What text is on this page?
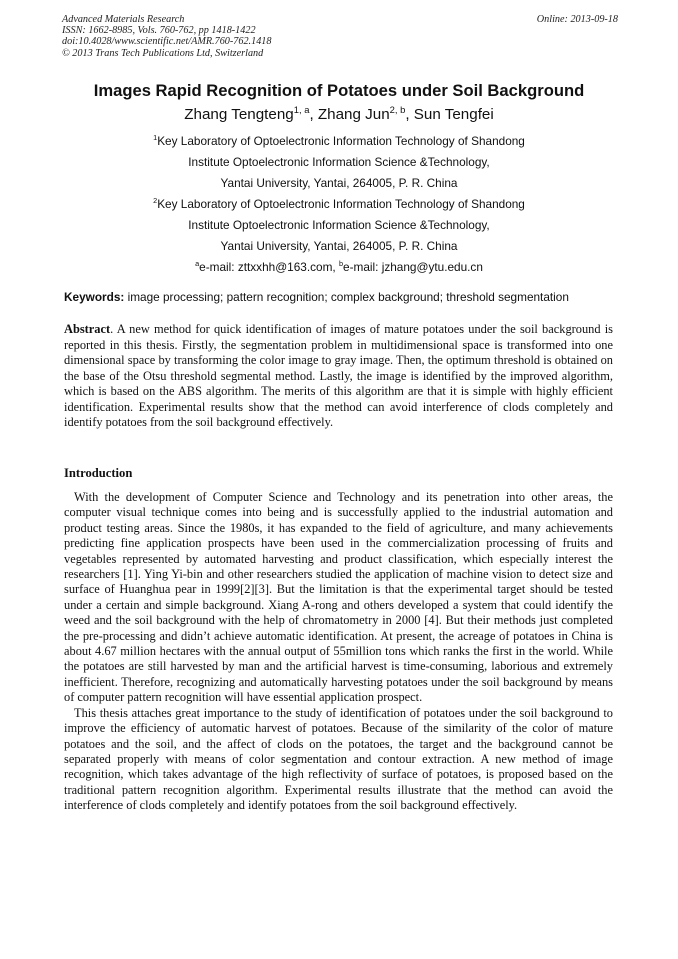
Advanced Materials Research
ISSN: 1662-8985, Vols. 760-762, pp 1418-1422
doi:10.4028/www.scientific.net/AMR.760-762.1418
© 2013 Trans Tech Publications Ltd, Switzerland
Online: 2013-09-18
Images Rapid Recognition of Potatoes under Soil Background
Zhang Tengteng$^{1, a}$, Zhang Jun$^{2, b}$, Sun Tengfei
$^1$Key Laboratory of Optoelectronic Information Technology of Shandong
Institute Optoelectronic Information Science &Technology,
Yantai University, Yantai, 264005, P. R. China
$^2$Key Laboratory of Optoelectronic Information Technology of Shandong
Institute Optoelectronic Information Science &Technology,
Yantai University, Yantai, 264005, P. R. China
$^a$e-mail: zttxxhh@163.com, $^b$e-mail: jzhang@ytu.edu.cn
Keywords: image processing; pattern recognition; complex background; threshold segmentation
Abstract. A new method for quick identification of images of mature potatoes under the soil background is reported in this thesis. Firstly, the segmentation problem in multidimensional space is transformed into one dimensional space by transforming the color image to gray image. Then, the optimum threshold is obtained on the base of the Otsu threshold segmental method. Lastly, the image is identified by the improved algorithm, which is based on the ABS algorithm. The merits of this algorithm are that it is simple with highly efficient identification. Experimental results show that the method can avoid interference of clods completely and identify potatoes from the soil background effectively.
Introduction

With the development of Computer Science and Technology and its penetration into other areas, the computer visual technique comes into being and is successfully applied to the industrial automation and product testing areas. Since the 1980s, it has expanded to the field of agriculture, and many achievements predicting fine application prospects have been used in the commercialization processing of fruits and vegetables represented by automated harvesting and product classification, which especially interest the researchers [1]. Ying Yi-bin and other researchers studied the application of machine vision to detect size and surface of Huanghua pear in 1999[2][3]. But the limitation is that the experimental target should be tested under a certain and simple background. Xiang A-rong and others developed a system that could identify the weed and the soil background with the help of chromatometry in 2000 [4]. But their methods just completed the pre-processing and didn’t achieve automatic identification. At present, the acreage of potatoes in China is about 4.67 million hectares with the annual output of 55million tons which ranks the first in the world. While the potatoes are still harvested by man and the artificial harvest is time-consuming, laborious and extremely inefficient. Therefore, recognizing and automatically harvesting potatoes under the soil background by means of computer pattern recognition will have essential application prospect.

This thesis attaches great importance to the study of identification of potatoes under the soil background to improve the efficiency of automatic harvest of potatoes. Because of the similarity of the color of mature potatoes and the soil, and the affect of clods on the potatoes, the target and the background cannot be separated properly with means of color segmentation and contour extraction. A new method of image recognition, which takes advantage of the high reflectivity of surface of potatoes, is proposed based on the traditional pattern recognition algorithm. Experimental results illustrate that the method can avoid the interference of clods completely and identify potatoes from the soil background effectively.
